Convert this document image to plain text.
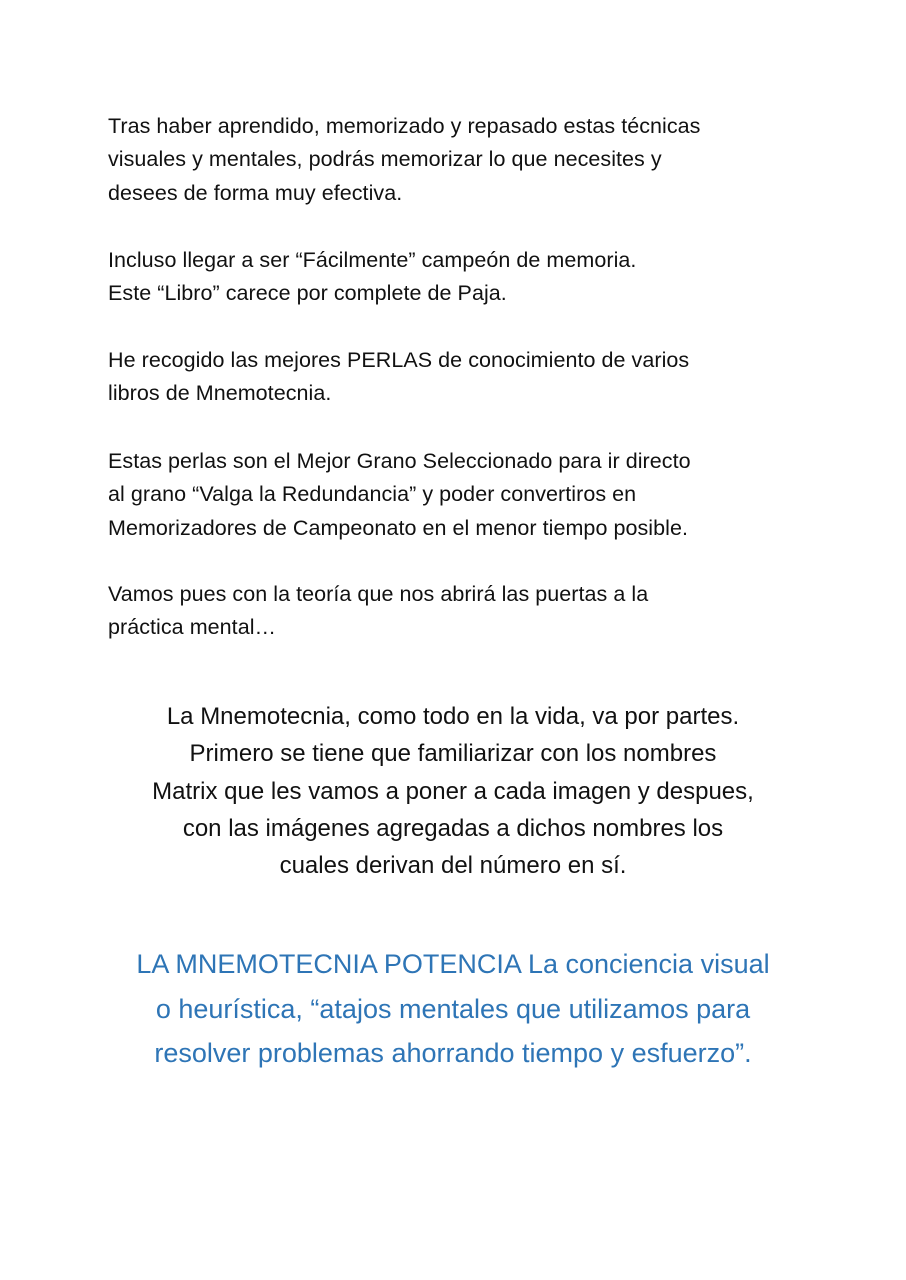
Tras haber aprendido, memorizado y repasado estas técnicas
visuales y mentales, podrás memorizar lo que necesites y
desees de forma muy efectiva.
Incluso llegar a ser “Fácilmente” campeón de memoria.
Este “Libro” carece por complete de Paja.
He recogido las mejores PERLAS de conocimiento de varios
libros de Mnemotecnia.
Estas perlas son el Mejor Grano Seleccionado para ir directo
al grano “Valga la Redundancia” y poder convertiros en
Memorizadores de Campeonato en el menor tiempo posible.
Vamos pues con la teoría que nos abrirá las puertas a la
práctica mental…
La Mnemotecnia, como todo en la vida, va por partes.
Primero se tiene que familiarizar con los nombres
Matrix que les vamos a poner a cada imagen y despues,
con las imágenes agregadas a dichos nombres los
cuales derivan del número en sí.
LA MNEMOTECNIA POTENCIA La conciencia visual
o heurística, “atajos mentales que utilizamos para
resolver problemas ahorrando tiempo y esfuerzo”.
